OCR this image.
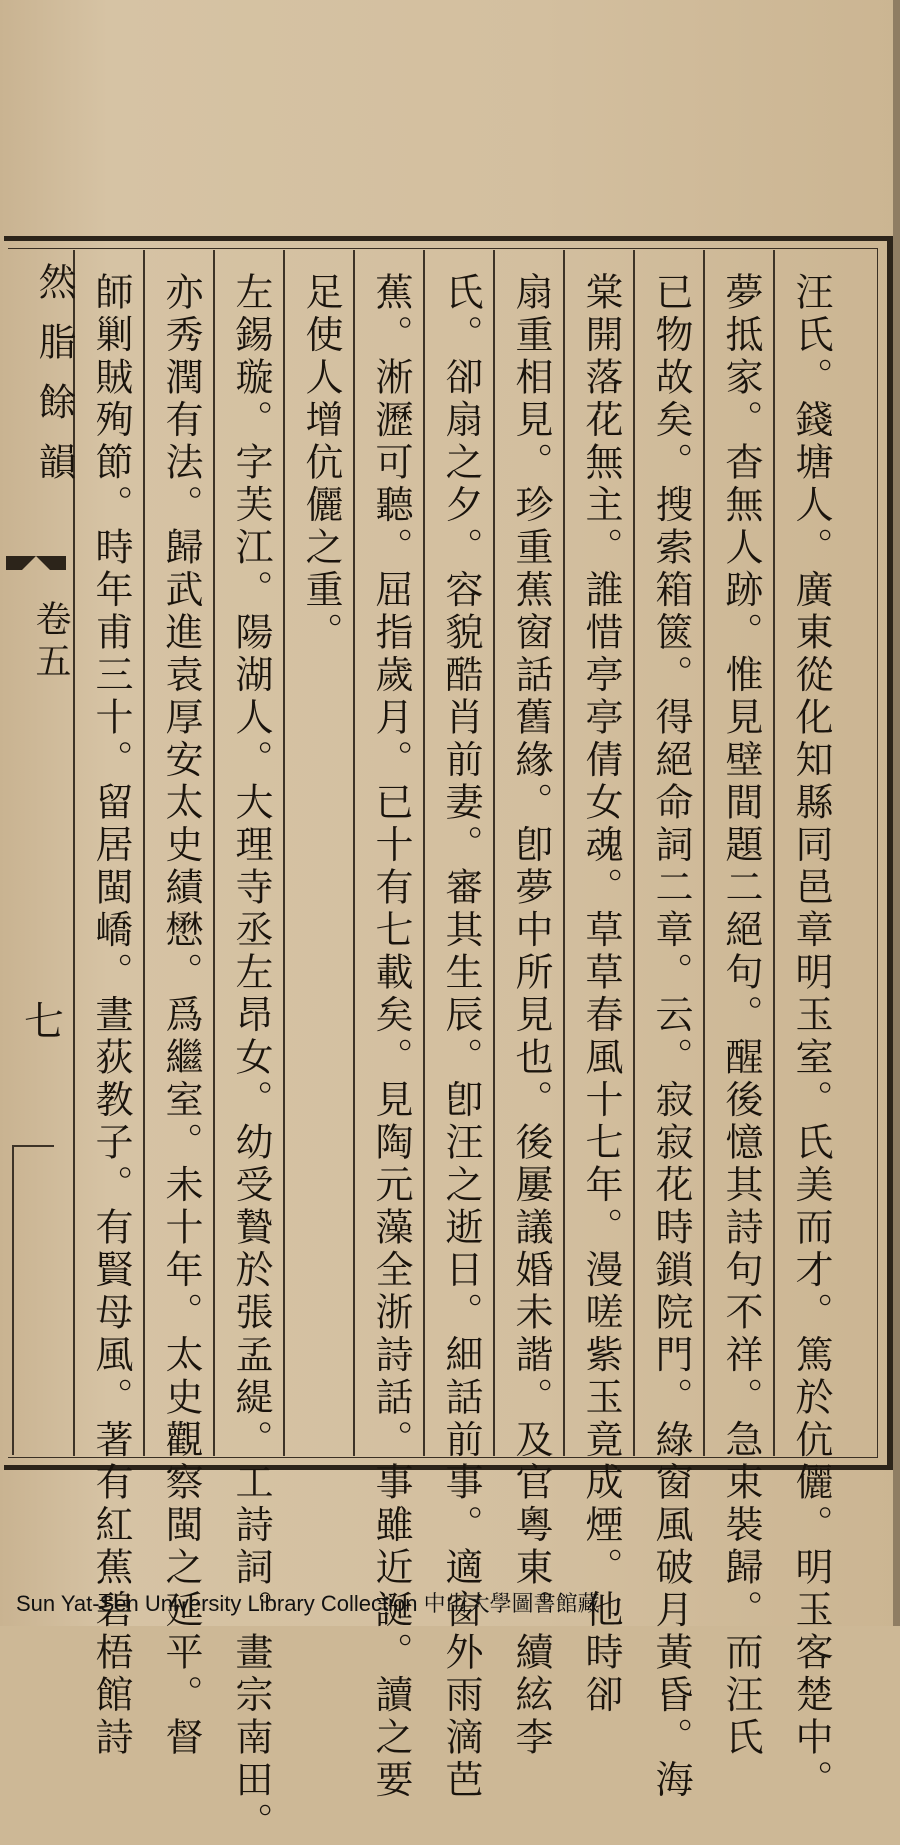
汪氏。錢塘人。廣東從化知縣同邑章明玉室。氏美而才。篤於伉儷。明玉客楚中。
夢抵家。杳無人跡。惟見壁間題二絕句。醒後憶其詩句不祥。急束裝歸。而汪氏
已物故矣。搜索箱篋。得絕命詞二章。云。寂寂花時鎖院門。綠窗風破月黃昏。海
棠開落花無主。誰惜亭亭倩女魂。草草春風十七年。漫嗟紫玉竟成煙。他時卻
扇重相見。珍重蕉窗話舊緣。卽夢中所見也。後屢議婚未諧。及官粵東。續絃李
氏。卻扇之夕。容貌酷肖前妻。審其生辰。卽汪之逝日。細話前事。適窗外雨滴芭
蕉。淅瀝可聽。屈指歲月。已十有七載矣。見陶元藻全浙詩話。事雖近誕。讀之要
足使人增伉儷之重。
左錫璇。字芙江。陽湖人。大理寺丞左昂女。幼受贄於張孟緹。工詩詞。畫宗南田。
亦秀潤有法。歸武進袁厚安太史績懋。爲繼室。未十年。太史觀察閩之延平。督
師剿賊殉節。時年甫三十。留居閩嶠。晝荻教子。有賢母風。著有紅蕉碧梧館詩
然脂餘韻
卷五
七
Sun Yat-Sen University Library Collection 中山大學圖書館藏
